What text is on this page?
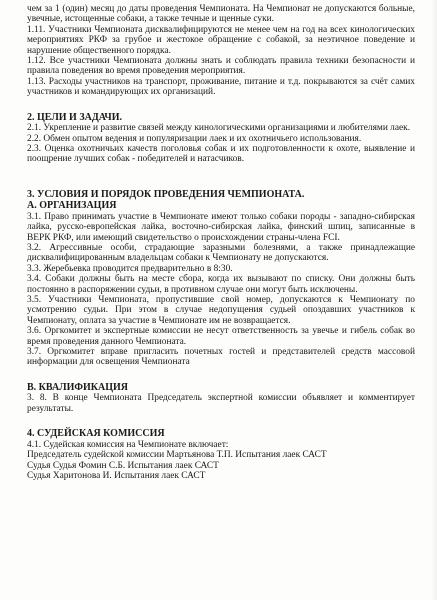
чем за 1 (один) месяц до даты проведения Чемпионата. На Чемпионат не допускаются больные, увечные, истощенные собаки, а также течные и щенные суки.

1.11. Участники Чемпионата дисквалифицируются не менее чем на год на всех кинологических мероприятиях РКФ за грубое и жестокое обращение с собакой, за неэтичное поведение и нарушение общественного порядка.

1.12. Все участники Чемпионата должны знать и соблюдать правила техники безопасности и правила поведения во время проведения мероприятия.

1.13. Расходы участников на транспорт, проживание, питание и т.д. покрываются за счёт самих участников и командирующих их организаций.

2. ЦЕЛИ И ЗАДАЧИ.

2.1. Укрепление и развитие связей между кинологическими организациями и любителями лаек.

2.2. Обмен опытом ведения и популяризации лаек и их охотничьего использования.

2.3. Оценка охотничьих качеств поголовья собак и их подготовленности к охоте, выявление и поощрение лучших собак - победителей и натасчиков.

3. УСЛОВИЯ И ПОРЯДОК ПРОВЕДЕНИЯ ЧЕМПИОНАТА.
А. ОРГАНИЗАЦИЯ

3.1. Право принимать участие в Чемпионате имеют только собаки породы - западно-сибирская лайка, русско-европейская лайка, восточно-сибирская лайка, финский шпиц, записанные в ВЕРК РКФ, или имеющий свидетельство о происхождении страны-члена FCI.

3.2. Агрессивные особи, страдающие заразными болезнями, а также принадлежащие дисквалифицированным владельцам собаки к Чемпионату не допускаются.

3.3. Жеребьевка проводится предварительно в 8:30.

3.4. Собаки должны быть на месте сбора, когда их вызывают по списку. Они должны быть постоянно в распоряжении судьи, в противном случае они могут быть исключены.

3.5. Участники Чемпионата, пропустившие свой номер, допускаются к Чемпионату по усмотрению судьи. При этом в случае недопущения судьей опоздавших участников к Чемпионату, оплата за участие в Чемпионате им не возвращается.

3.6. Оргкомитет и экспертные комиссии не несут ответственность за увечье и гибель собак во время проведения данного Чемпионата.

3.7. Оргкомитет вправе пригласить почетных гостей и представителей средств массовой информации для освещения Чемпионата

В. КВАЛИФИКАЦИЯ

3. 8. В конце Чемпионата Председатель экспертной комиссии объявляет и комментирует результаты.

4. СУДЕЙСКАЯ КОМИССИЯ

4.1. Судейская комиссия на Чемпионате включает:

Председатель судейской комиссии Мартьянова Т.П. Испытания лаек САСТ

Судья Судья Фомин С.Б. Испытания лаек САСТ

Судья Харитонова И. Испытания лаек САСТ
